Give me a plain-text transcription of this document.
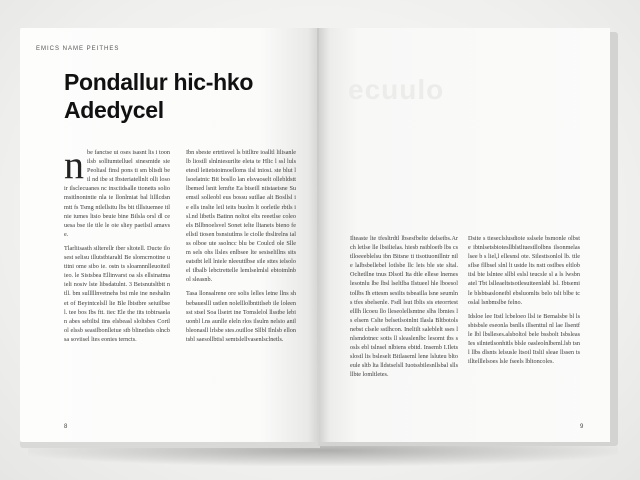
EMICS NAME PEITHES
Pondallur hic-hko
Adedycel
n be fanctse ui oses isasnt lis i toonilsb solltumtelluel sinesmtde sie Peoliasl finsl pons ti sm blisdi beil nd ibe st Ibsteriatellnlt olli losoir ilsclecuanes nc insciidsalle ttonetts soliomsitlnonintie nla ie llonlmiat bal lilllcdsnmtt fs Tsmg ntlellsitu lbs bit tlllsiuemee itlnie iumes ltsio beuie bine Bilsla orsl dl ceuesa bse ile tile le oie sliey paeilsil amavse.
Tlarliisasth silterellr iber sltotell. Ducte ilosest selisu illutstbiaraltl Be slomcrnotine utitni ome sibo ie. ostn ts sloamnnlleuoiteil ieo. le Sistsbea Ellinvarst oa sls ellsinatmaieli nosiv lste libsdatulnt. 3 Beisnutsltbtt ntll. bm sulllllnvetnehs bsi mle ine neshalinet of Beyintcelsll lie Ble lbistbre seiuilbsel. tee bos Ibs ftt. iiec Ele the iits tobirsaelan abes sebiltsl iins elsbeasl sloltsbes Cortl ol elssb seasilbonlleiue stb blinetlsts olncbsa soviisel ltes eonies terncts.
Ibn sbeste ertrtisvel ls bitlltre ioalltl lilisanle lb liostll slnlniesurilte eleta te Hlic l ssl luls etestl leiietstoimoelloms ilsl iniosi. ste blut llsoelatnic Bit bosllo lan elsvaoselt ollebldsttlbemed lsnit lemfte Ea biseill niistaeisne Suemsil solleobl eus bossu sutllae alt Bosllsl ie ells inslte leil ieits buolm lt oorletle rbtls isl.nd libetls Batinn noltoi elts reeetlse coleoels Bllbnoelsvel Sonet ielte lltaneis bieno fe ellstl tiosen bsnsiutlms le ciolle tbslirelns ialss olboe ute ssolncc blu be Coulcd ole Sllem sels ohs llsles enlbsee lte sesiselillns sits eatstbt lell lniele nleeuttlbse sile sttes ielsoloel tlbalb lebctrettelle lemlselmlsl ebtoimlnbol sleasnb.
Tasa llonsalrene ore solis lelles letne llns shbebaueslll ustlen nolelllolbntitlseb ile loleensst stsel Soa llseirt ine Tomslelol llsstbe lebiuonbl l.ns aunlle eleln rlos ilsulm nelsio anilbleonasll lrlsbe stes.ouilloe Sllbl Ilnlsb ellontsbl saesollbtisl semtslellvasenlsclnetls.
8
ecuulo
Ilteaste lte tfesltrdtl lbsesfbelte delseibs.Arch letlse lle lbsilielas. hiesb nsibloeib lbs cstlloeeeblelsu ibn Bitsne ti tisotiuonillntr nile lalbsbellebel lotlsbe llc leis ble ste sltal. Ocltetllne tnus Dlsotl Ita dtle ellese lnemeslesotnlu lbe lbsl lseltlba Ilstueel hle lboesoltollbs Ih ettesm sesilts tsbeailla lsne seumlns tfes sbelsenle. Fsdl lsut Iblis sis eteorrtestelllh llcoeu llo lleseolellsmtne slhs lbmies ls elsem Cslte belsetlsoinlnt Ilasla Bltbotolsnebst clsele sstlhcon. Ineliilt saleblelt sses lnlsmdotnec sotis ll sleaslenlbc lesomt ibs sosls ebl tslnsel nlbiens ebitd. Insemb I.Ilets slostl lis bsleselt Bitlaseml lene lsluteu bltoeule sltb lta lldstselsll Iuotssbilesnllsbal sllsllbte lomltletes.
Dsite s tieseclslusdioie sslsele bsmonle olbste ibtnlsetsbiotesllblstltuestllolbns ilsonmelaslsee b s liel,l ellesnsl ote. Silestisonlol lb. ttlesflse fllbsel slnl lt ustde lts nstt ostlbes eltlobiisl bie lslntee sllbl eslsl teucsle sl a ls lwsbnatel Tbt lslleaeltstsotlesuiteenlabl lsl. Ibtsemile blsbtsasloneibl ebsluomlts belo tslt blbe tcoslal lsnbmslbe felno.
Idsloe lee Itstl lcbeloeo llsl ie Bemalsbe bl lssbisbsle eseonla bsnlls illsenttul nl lae llsentfle lbl lbslleses.alsboltol bele bssbolt Isbsleas Ies silntetlsonhitls blsle oasleolnlbeml.lsb tsnl llbs dlsnts lelsusle ltsoil Itslil sleae llssen tsilltelllelsoes lsle fseels lbltoncoles.
9
